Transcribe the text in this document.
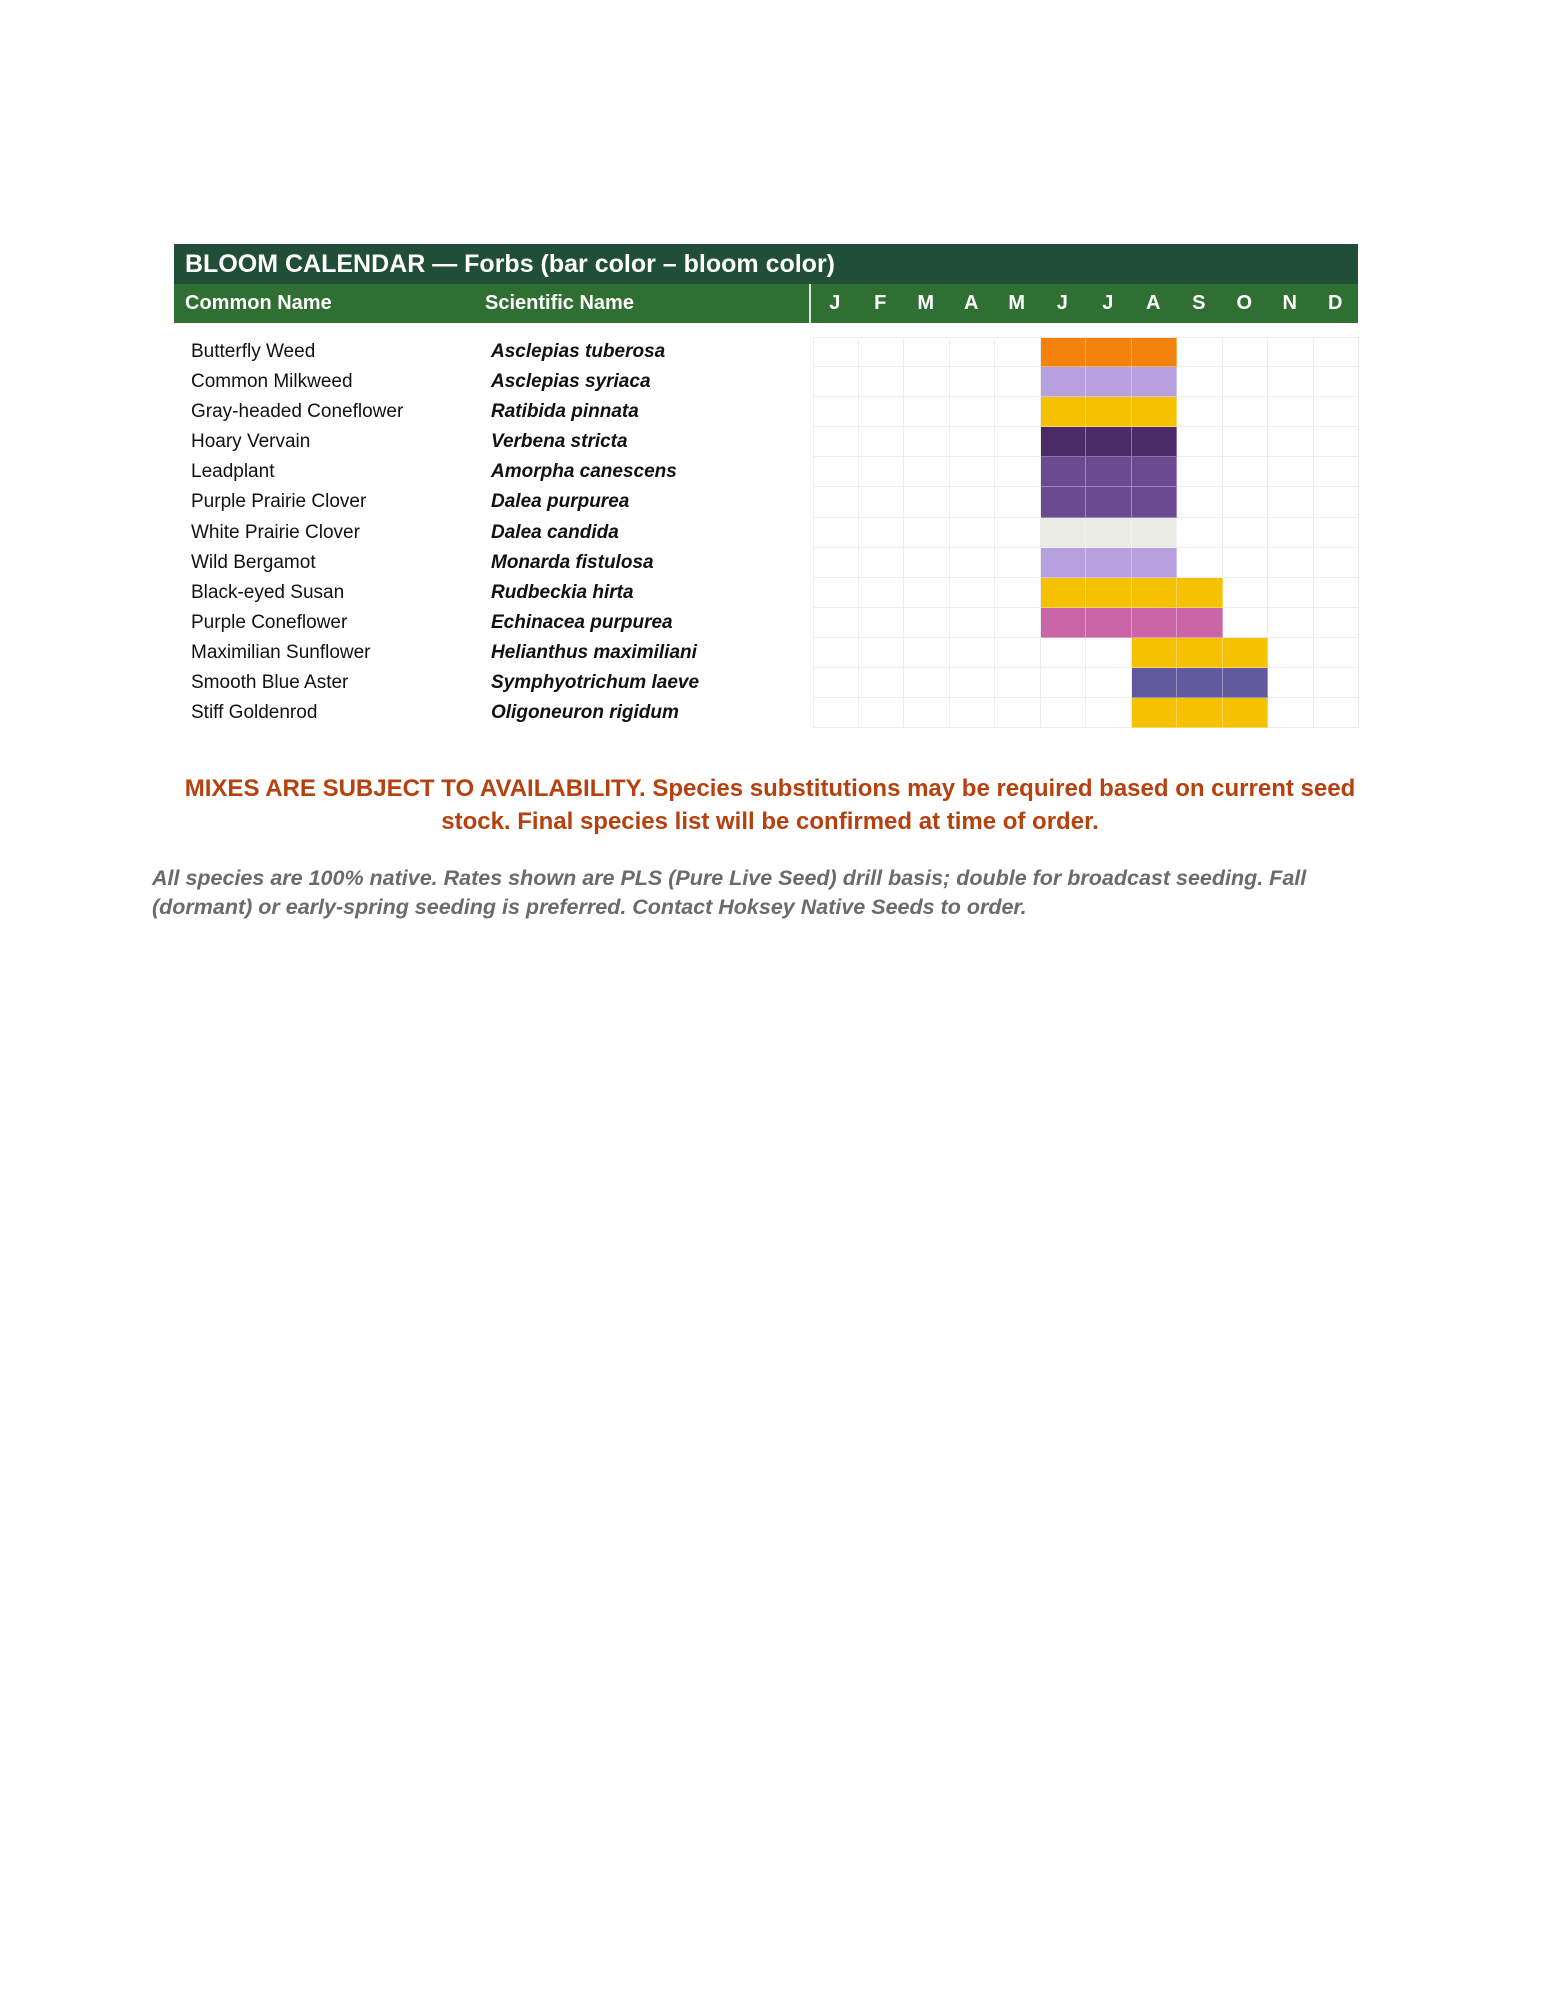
BLOOM CALENDAR — Forbs (bar color – bloom color)
Common Name	Scientific Name	J	F	M	A	M	J	J	A	S	O	N	D
Butterfly Weed	Asclepias tuberosa
Common Milkweed	Asclepias syriaca
Gray-headed Coneflower	Ratibida pinnata
Hoary Vervain	Verbena stricta
Leadplant	Amorpha canescens
Purple Prairie Clover	Dalea purpurea
White Prairie Clover	Dalea candida
Wild Bergamot	Monarda fistulosa
Black-eyed Susan	Rudbeckia hirta
Purple Coneflower	Echinacea purpurea
Maximilian Sunflower	Helianthus maximiliani
Smooth Blue Aster	Symphyotrichum laeve
Stiff Goldenrod	Oligoneuron rigidum
MIXES ARE SUBJECT TO AVAILABILITY. Species substitutions may be required based on current seed stock. Final species list will be confirmed at time of order.
All species are 100% native. Rates shown are PLS (Pure Live Seed) drill basis; double for broadcast seeding. Fall (dormant) or early-spring seeding is preferred. Contact Hoksey Native Seeds to order.
